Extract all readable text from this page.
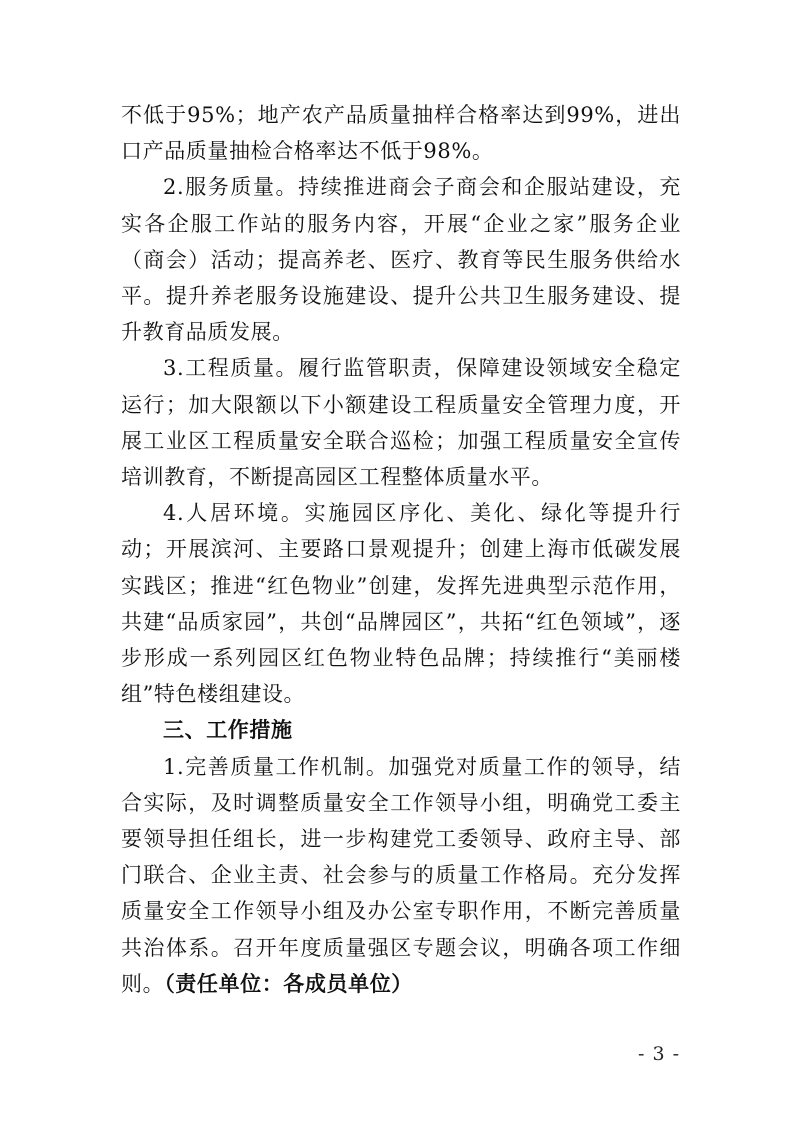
不低于95%；地产农产品质量抽样合格率达到99%，进出口产品质量抽检合格率达不低于98%。

2.服务质量。持续推进商会子商会和企服站建设，充实各企服工作站的服务内容，开展“企业之家”服务企业（商会）活动；提高养老、医疗、教育等民生服务供给水平。提升养老服务设施建设、提升公共卫生服务建设、提升教育品质发展。

3.工程质量。履行监管职责，保障建设领域安全稳定运行；加大限额以下小额建设工程质量安全管理力度，开展工业区工程质量安全联合巡检；加强工程质量安全宣传培训教育，不断提高园区工程整体质量水平。

4.人居环境。实施园区序化、美化、绿化等提升行动；开展滨河、主要路口景观提升；创建上海市低碳发展实践区；推进“红色物业”创建，发挥先进典型示范作用，共建“品质家园”，共创“品牌园区”，共拓“红色领域”，逐步形成一系列园区红色物业特色品牌；持续推行“美丽楼组”特色楼组建设。

三、工作措施

1.完善质量工作机制。加强党对质量工作的领导，结合实际，及时调整质量安全工作领导小组，明确党工委主要领导担任组长，进一步构建党工委领导、政府主导、部门联合、企业主责、社会参与的质量工作格局。充分发挥质量安全工作领导小组及办公室专职作用，不断完善质量共治体系。召开年度质量强区专题会议，明确各项工作细则。（责任单位：各成员单位）

- 3 -
